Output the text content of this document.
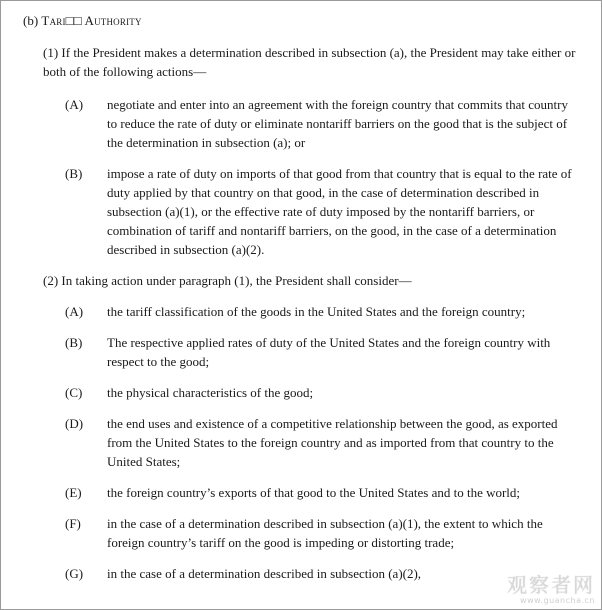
(b) Tari□□ Authority

(1) If the President makes a determination described in subsection (a), the President may take either or both of the following actions—

(A)	negotiate and enter into an agreement with the foreign country that commits that country to reduce the rate of duty or eliminate nontariff barriers on the good that is the subject of the determination in subsection (a); or
(B)	impose a rate of duty on imports of that good from that country that is equal to the rate of duty applied by that country on that good, in the case of determination described in subsection (a)(1), or the effective rate of duty imposed by the nontariff barriers, or combination of tariff and nontariff barriers, on the good, in the case of a determination described in subsection (a)(2).

(2) In taking action under paragraph (1), the President shall consider—

(A)	the tariff classification of the goods in the United States and the foreign country;
(B)	The respective applied rates of duty of the United States and the foreign country with respect to the good;
(C)	the physical characteristics of the good;
(D)	the end uses and existence of a competitive relationship between the good, as exported from the United States to the foreign country and as imported from that country to the United States;
(E)	the foreign country’s exports of that good to the United States and to the world;
(F)	in the case of a determination described in subsection (a)(1), the extent to which the foreign country’s tariff on the good is impeding or distorting trade;
(G)	in the case of a determination described in subsection (a)(2),	观察者网
www.guancha.cn
